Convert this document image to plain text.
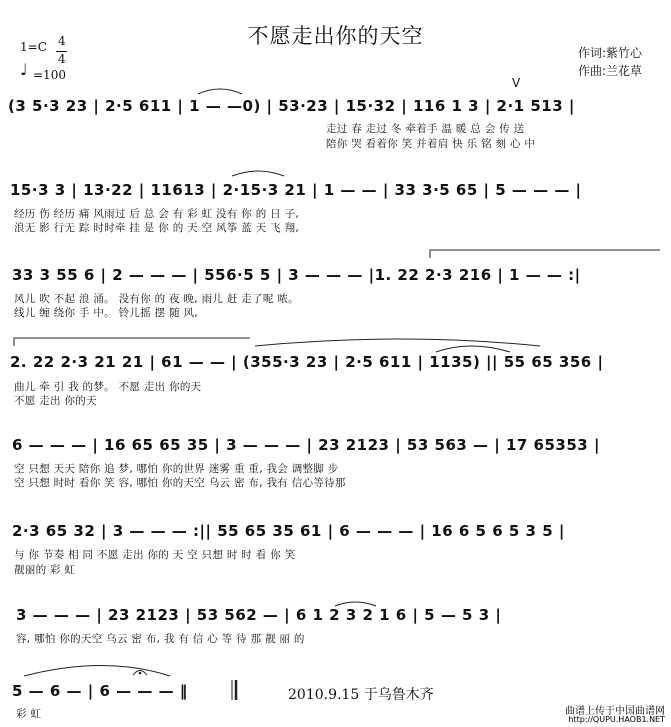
不愿走出你的天空
1=C 4
4
♩ =100
作词:紫竹心
作曲:兰花草
V
(3 5·3 23 | 2·5 611 | 1 — —0) | 53·23 | 15·32 | 116 1 3 | 2·1 513 |
走过 春 走过 冬 牵着手 温 暖 总 会 传 送
陪你 哭 看着你 笑 并着肩 快 乐 铭 刻 心 中
15·3 3 | 13·22 | 11613 | 2·15·3 21 | 1 — — | 33 3·5 65 | 5 — — — |
经历 伤 经历 痛 风雨过 后 总 会 有 彩 虹 没有 你 的 日 子,
浪无 影 行无 踪 时时牵 挂 是 你 的 天 空 风筝 蓝 天 飞 翔,
33 3 55 6 | 2 — — — | 556·5 5 | 3 — — — |1. 22 2·3 216 | 1 — — :|
风儿 吹 不起 浪 涌。 没有你 的 夜 晚, 雨儿 赶 走了呢 哝。
线儿 缠 绕你 手 中。 铃儿摇 摆 随 风,
2. 22 2·3 21 21 | 61 — — | (355·3 23 | 2·5 611 | 1135) || 55 65 356 |
曲儿 牵 引 我 的梦。 不愿 走出 你的天
不愿 走出 你的天
6 — — — | 16 65 65 35 | 3 — — — | 23 2123 | 53 563 — | 17 65353 |
空 只想 天天 陪你 追 梦, 哪怕 你的世界 迷雾 重 重, 我会 调整脚 步
空 只想 时时 看你 笑 容, 哪怕 你的天空 乌云 密 布, 我有 信心等待那
2·3 65 32 | 3 — — — :|| 55 65 35 61 | 6 — — — | 16 6 5 6 5 3 5 |
与 你 节奏 相 同 不愿 走出 你的 天 空 只想 时 时 看 你 笑
靓丽的 彩 虹
3 — — — | 23 2123 | 53 562 — | 6 1 2 3 2 1 6 | 5 — 5 3 |
容, 哪怕 你的天空 乌云 密 布, 我 有 信 心 等 待 那 靓 丽 的
5 — 6 — | 6 — — — ‖
彩 虹
2010.9.15 于乌鲁木齐
曲谱上传于中国曲谱网
http://QUPU.HAOB1.NET
